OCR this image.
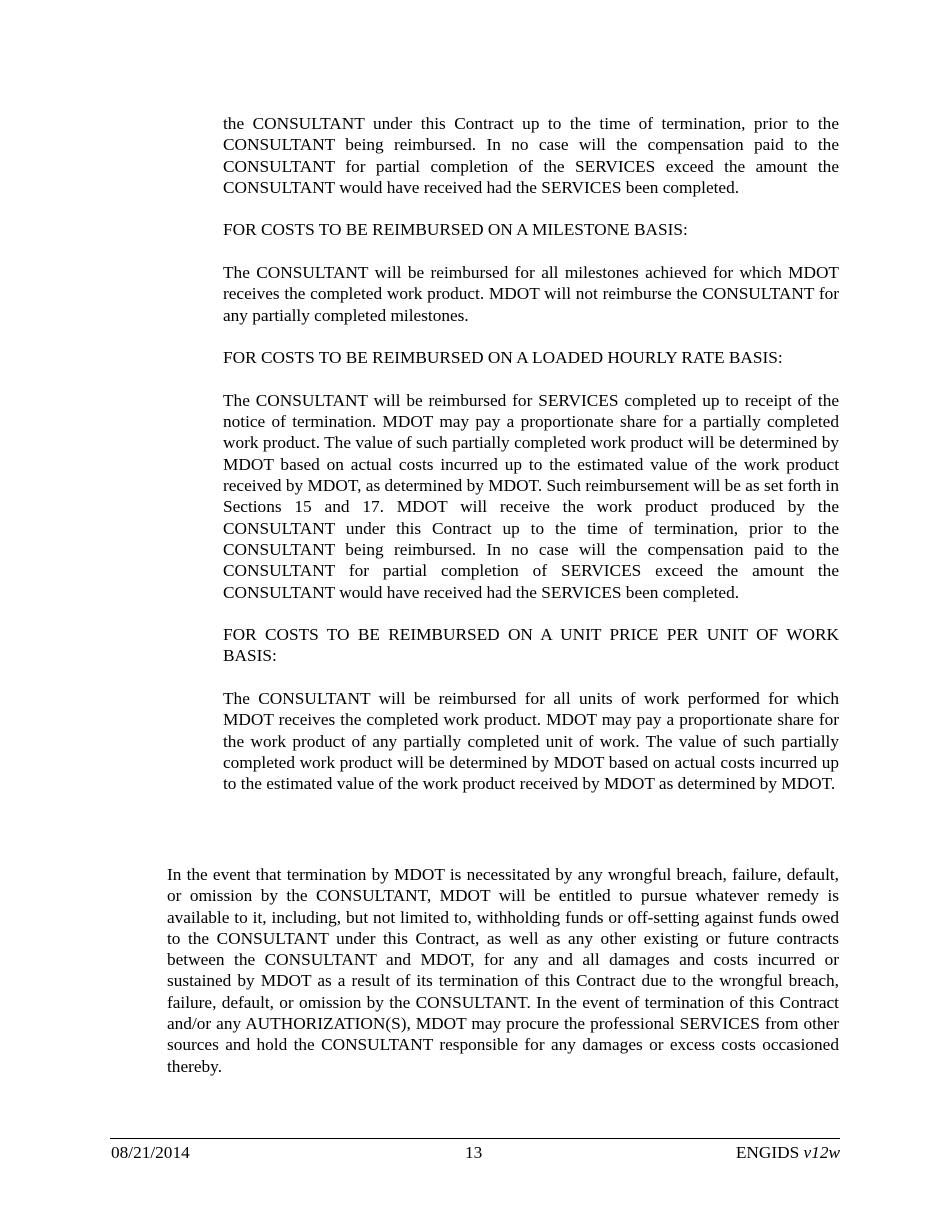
the CONSULTANT under this Contract up to the time of termination, prior to the CONSULTANT being reimbursed. In no case will the compensation paid to the CONSULTANT for partial completion of the SERVICES exceed the amount the CONSULTANT would have received had the SERVICES been completed.

FOR COSTS TO BE REIMBURSED ON A MILESTONE BASIS:

The CONSULTANT will be reimbursed for all milestones achieved for which MDOT receives the completed work product. MDOT will not reimburse the CONSULTANT for any partially completed milestones.

FOR COSTS TO BE REIMBURSED ON A LOADED HOURLY RATE BASIS:

The CONSULTANT will be reimbursed for SERVICES completed up to receipt of the notice of termination. MDOT may pay a proportionate share for a partially completed work product. The value of such partially completed work product will be determined by MDOT based on actual costs incurred up to the estimated value of the work product received by MDOT, as determined by MDOT. Such reimbursement will be as set forth in Sections 15 and 17. MDOT will receive the work product produced by the CONSULTANT under this Contract up to the time of termination, prior to the CONSULTANT being reimbursed. In no case will the compensation paid to the CONSULTANT for partial completion of SERVICES exceed the amount the CONSULTANT would have received had the SERVICES been completed.

FOR COSTS TO BE REIMBURSED ON A UNIT PRICE PER UNIT OF WORK BASIS:

The CONSULTANT will be reimbursed for all units of work performed for which MDOT receives the completed work product. MDOT may pay a proportionate share for the work product of any partially completed unit of work. The value of such partially completed work product will be determined by MDOT based on actual costs incurred up to the estimated value of the work product received by MDOT as determined by MDOT.

In the event that termination by MDOT is necessitated by any wrongful breach, failure, default, or omission by the CONSULTANT, MDOT will be entitled to pursue whatever remedy is available to it, including, but not limited to, withholding funds or off-setting against funds owed to the CONSULTANT under this Contract, as well as any other existing or future contracts between the CONSULTANT and MDOT, for any and all damages and costs incurred or sustained by MDOT as a result of its termination of this Contract due to the wrongful breach, failure, default, or omission by the CONSULTANT. In the event of termination of this Contract and/or any AUTHORIZATION(S), MDOT may procure the professional SERVICES from other sources and hold the CONSULTANT responsible for any damages or excess costs occasioned thereby.

08/21/2014	13	ENGIDS v12w
